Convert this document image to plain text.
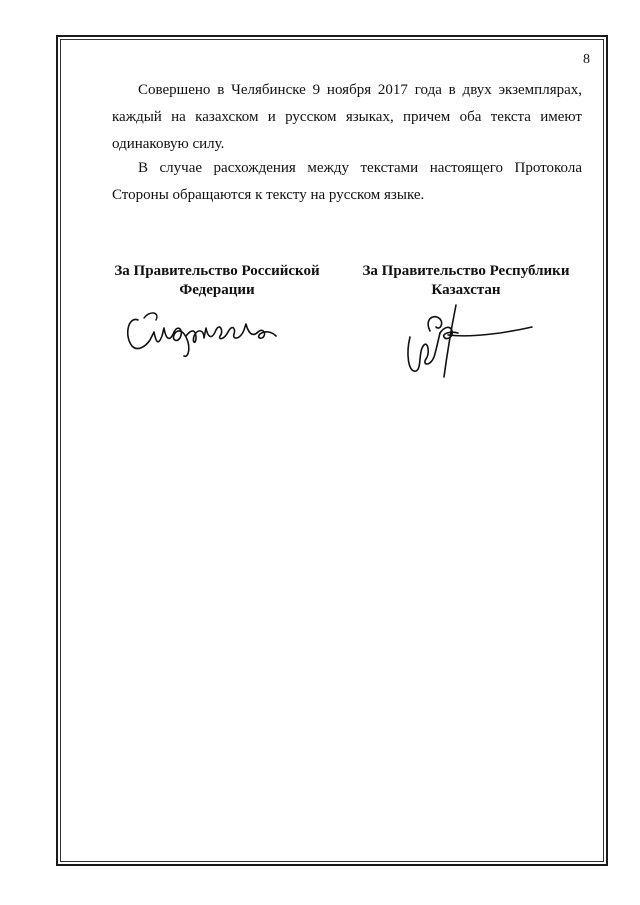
8

Совершено в Челябинске 9 ноября 2017 года в двух экземплярах, каждый на казахском и русском языках, причем оба текста имеют одинаковую силу.

В случае расхождения между текстами настоящего Протокола Стороны обращаются к тексту на русском языке.

За Правительство Российской
Федерации
За Правительство Республики
Казахстан
